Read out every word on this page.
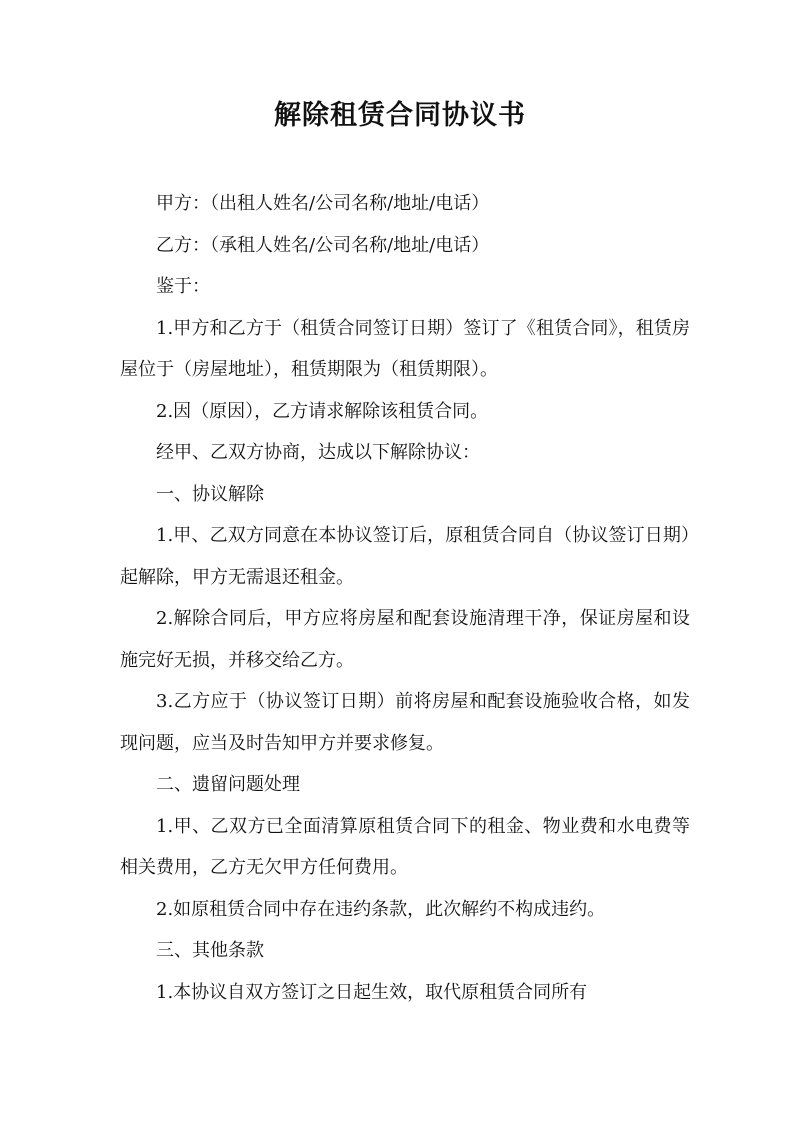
解除租赁合同协议书

甲方：（出租人姓名/公司名称/地址/电话）

乙方：（承租人姓名/公司名称/地址/电话）

鉴于：

1.甲方和乙方于（租赁合同签订日期）签订了《租赁合同》，租赁房屋位于（房屋地址），租赁期限为（租赁期限）。

2.因（原因），乙方请求解除该租赁合同。

经甲、乙双方协商，达成以下解除协议：

一、协议解除

1.甲、乙双方同意在本协议签订后，原租赁合同自（协议签订日期）起解除，甲方无需退还租金。

2.解除合同后，甲方应将房屋和配套设施清理干净，保证房屋和设施完好无损，并移交给乙方。

3.乙方应于（协议签订日期）前将房屋和配套设施验收合格，如发现问题，应当及时告知甲方并要求修复。

二、遗留问题处理

1.甲、乙双方已全面清算原租赁合同下的租金、物业费和水电费等相关费用，乙方无欠甲方任何费用。

2.如原租赁合同中存在违约条款，此次解约不构成违约。

三、其他条款

1.本协议自双方签订之日起生效，取代原租赁合同所有
